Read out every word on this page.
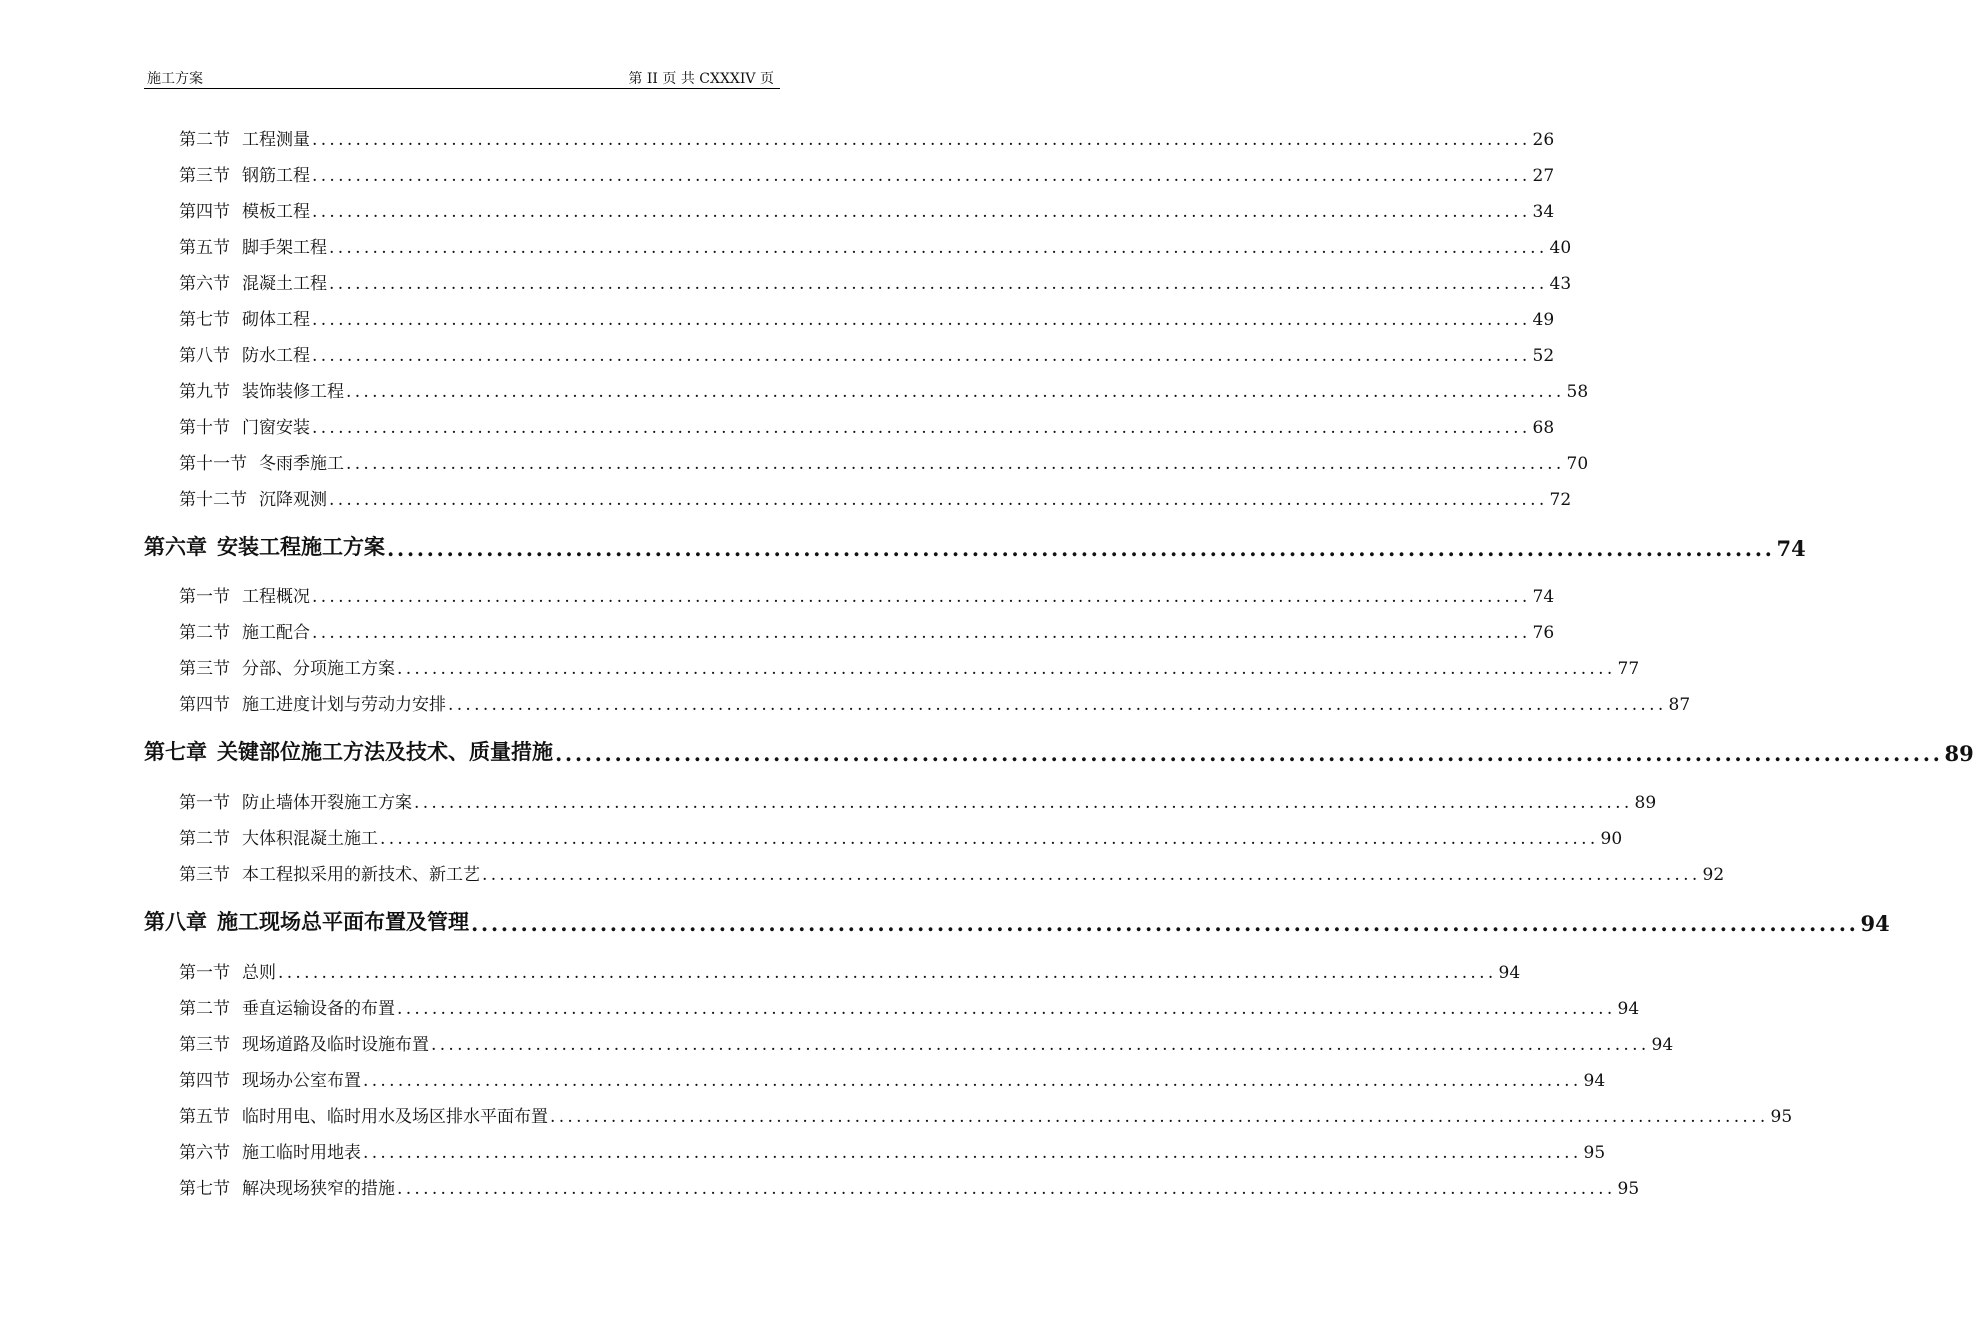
施工方案	第 II 页 共 CXXXIV 页
第二节 工程测量 ............................................................................................................................................ 26
第三节 钢筋工程 ............................................................................................................................................ 27
第四节 模板工程 ............................................................................................................................................ 34
第五节 脚手架工程 ............................................................................................................................................ 40
第六节 混凝土工程 ............................................................................................................................................ 43
第七节 砌体工程 ............................................................................................................................................ 49
第八节 防水工程 ............................................................................................................................................ 52
第九节 装饰装修工程 ............................................................................................................................................ 58
第十节 门窗安装 ............................................................................................................................................ 68
第十一节 冬雨季施工 ............................................................................................................................................ 70
第十二节 沉降观测 ............................................................................................................................................ 72
第六章 安装工程施工方案 ............................................................................................................................................ 74
第一节 工程概况 ............................................................................................................................................ 74
第二节 施工配合 ............................................................................................................................................ 76
第三节 分部、分项施工方案 ............................................................................................................................................ 77
第四节 施工进度计划与劳动力安排 ............................................................................................................................................ 87
第七章 关键部位施工方法及技术、质量措施 ............................................................................................................................................ 89
第一节 防止墙体开裂施工方案 ............................................................................................................................................ 89
第二节 大体积混凝土施工 ............................................................................................................................................ 90
第三节 本工程拟采用的新技术、新工艺 ............................................................................................................................................ 92
第八章 施工现场总平面布置及管理 ............................................................................................................................................ 94
第一节 总则 ............................................................................................................................................ 94
第二节 垂直运输设备的布置 ............................................................................................................................................ 94
第三节 现场道路及临时设施布置 ............................................................................................................................................ 94
第四节 现场办公室布置 ............................................................................................................................................ 94
第五节 临时用电、临时用水及场区排水平面布置 ............................................................................................................................................ 95
第六节 施工临时用地表 ............................................................................................................................................ 95
第七节 解决现场狭窄的措施 ............................................................................................................................................ 95
